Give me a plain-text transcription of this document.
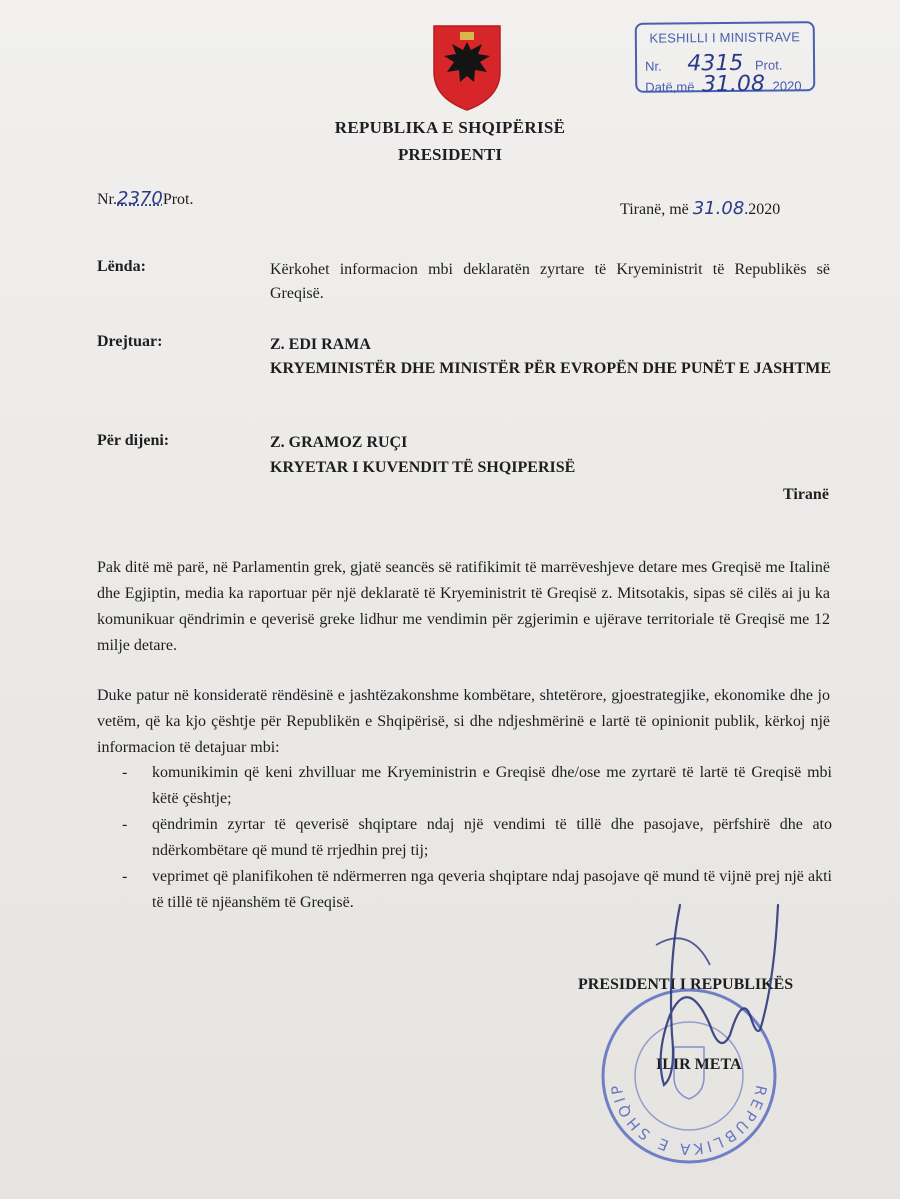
REPUBLIKA E SHQIPËRISË
PRESIDENTI
KESHILLI I MINISTRAVE
Nr. 4315 Prot.
Datë,më 31.08 2020
Nr.2370Prot.
Tiranë, më 31.08.2020
Lënda:	Kërkohet informacion mbi deklaratën zyrtare të Kryeministrit të Republikës së Greqisë.
Drejtuar:	Z. EDI RAMA
KRYEMINISTËR DHE MINISTËR PËR EVROPËN DHE PUNËT E JASHTME
Për dijeni:	Z. GRAMOZ RUÇI
KRYETAR I KUVENDIT TË SHQIPERISË
Tiranë
Pak ditë më parë, në Parlamentin grek, gjatë seancës së ratifikimit të marrëveshjeve detare mes Greqisë me Italinë dhe Egjiptin, media ka raportuar për një deklaratë të Kryeministrit të Greqisë z. Mitsotakis, sipas së cilës ai ju ka komunikuar qëndrimin e qeverisë greke lidhur me vendimin për zgjerimin e ujërave territoriale të Greqisë me 12 milje detare.
Duke patur në konsideratë rëndësinë e jashtëzakonshme kombëtare, shtetërore, gjoestrategjike, ekonomike dhe jo vetëm, që ka kjo çështje për Republikën e Shqipërisë, si dhe ndjeshmërinë e lartë të opinionit publik, kërkoj një informacion të detajuar mbi:
- komunikimin që keni zhvilluar me Kryeministrin e Greqisë dhe/ose me zyrtarë të lartë të Greqisë mbi këtë çështje;
- qëndrimin zyrtar të qeverisë shqiptare ndaj një vendimi të tillë dhe pasojave, përfshirë dhe ato ndërkombëtare që mund të rrjedhin prej tij;
- veprimet që planifikohen të ndërmerren nga qeveria shqiptare ndaj pasojave që mund të vijnë prej një akti të tillë të njëanshëm të Greqisë.
PRESIDENTI I REPUBLIKËS
ILIR META
REPUBLIKA E SHQIP
